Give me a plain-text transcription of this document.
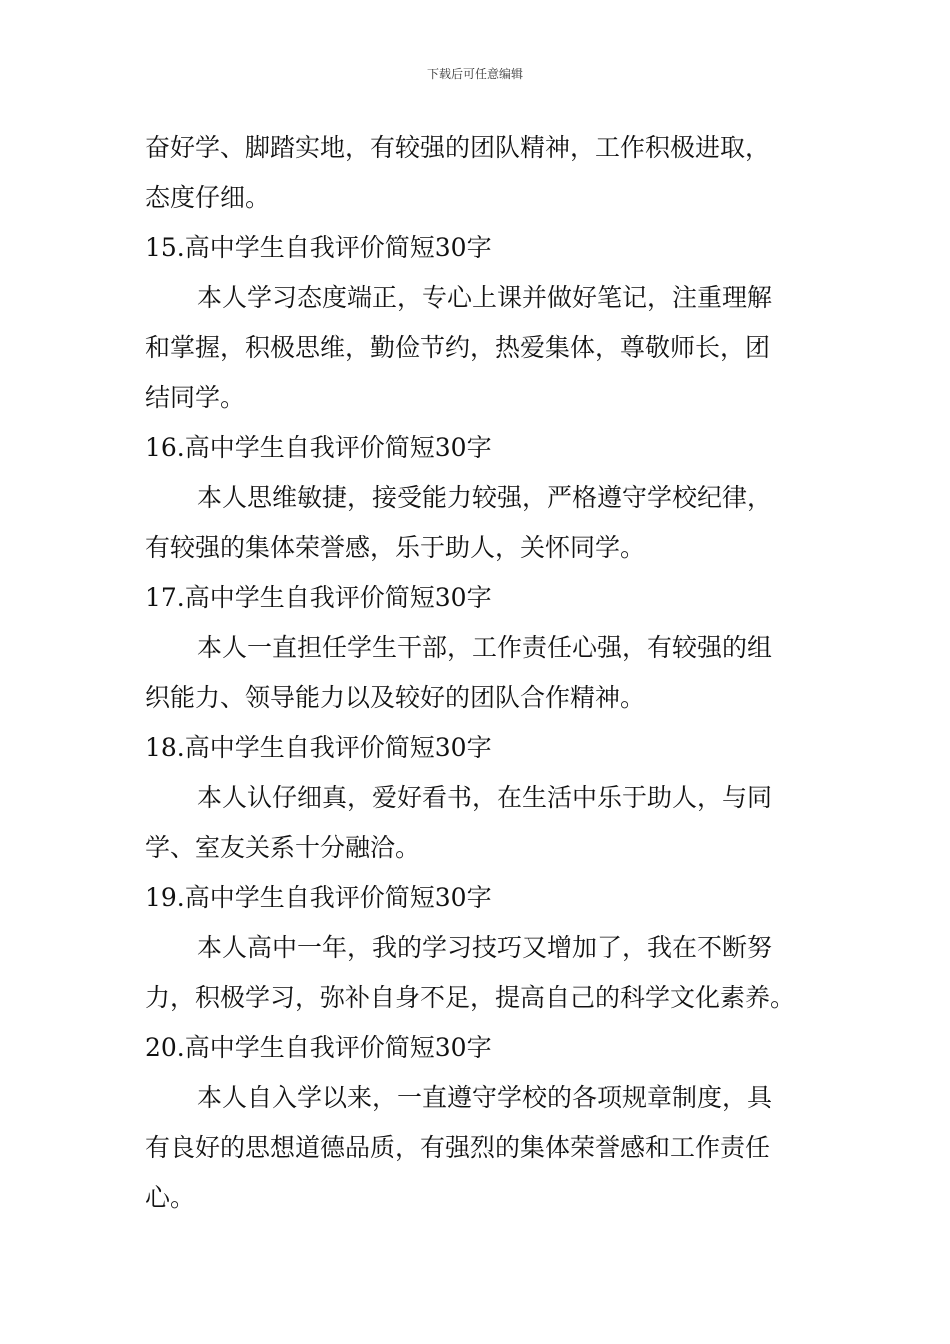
下载后可任意编辑
奋好学、脚踏实地，有较强的团队精神，工作积极进取，
态度仔细。
15.高中学生自我评价简短30字
本人学习态度端正，专心上课并做好笔记，注重理解
和掌握，积极思维，勤俭节约，热爱集体，尊敬师长，团
结同学。
16.高中学生自我评价简短30字
本人思维敏捷，接受能力较强，严格遵守学校纪律，
有较强的集体荣誉感，乐于助人，关怀同学。
17.高中学生自我评价简短30字
本人一直担任学生干部，工作责任心强，有较强的组
织能力、领导能力以及较好的团队合作精神。
18.高中学生自我评价简短30字
本人认仔细真，爱好看书，在生活中乐于助人，与同
学、室友关系十分融洽。
19.高中学生自我评价简短30字
本人高中一年，我的学习技巧又增加了，我在不断努
力，积极学习，弥补自身不足，提高自己的科学文化素养。
20.高中学生自我评价简短30字
本人自入学以来，一直遵守学校的各项规章制度，具
有良好的思想道德品质，有强烈的集体荣誉感和工作责任
心。
